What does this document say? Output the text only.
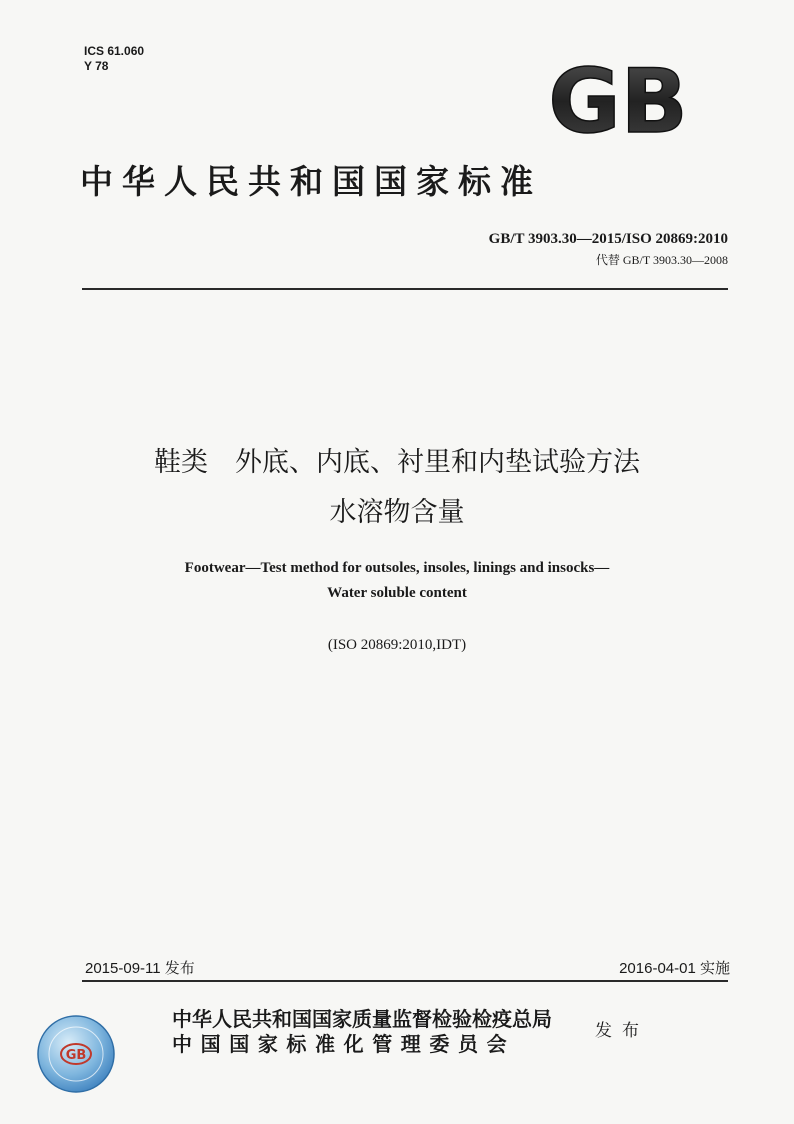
ICS 61.060
Y 78	GB
中华人民共和国国家标准
GB/T 3903.30—2015/ISO 20869:2010
代替 GB/T 3903.30—2008
鞋类　外底、内底、衬里和内垫试验方法
水溶物含量
Footwear—Test method for outsoles, insoles, linings and insocks—
Water soluble content
(ISO 20869:2010,IDT)
2015-09-11 发布	2016-04-01 实施
GB
中华人民共和国国家质量监督检验检疫总局
中国国家标准化管理委员会
发布
